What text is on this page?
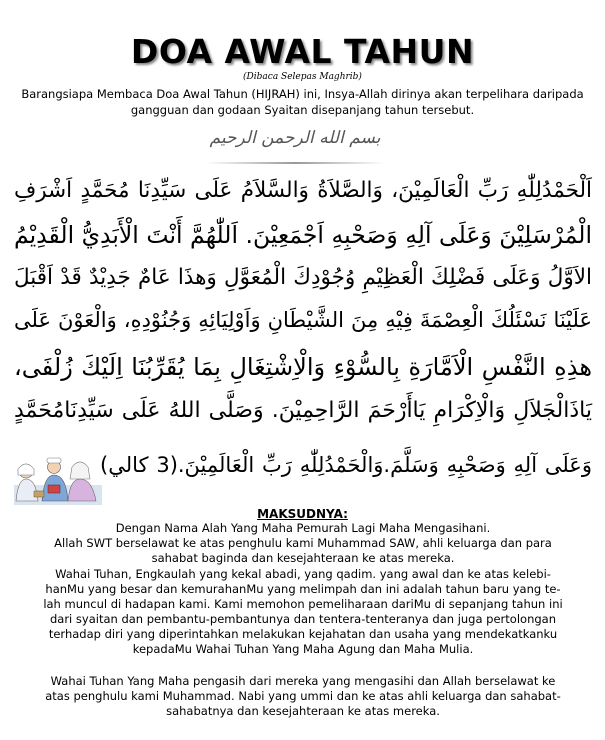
DOA AWAL TAHUN
(Dibaca Selepas Maghrib)
Barangsiapa Membaca Doa Awal Tahun (HIJRAH) ini, Insya-Allah dirinya akan terpelihara daripada gangguan dan godaan Syaitan disepanjang tahun tersebut.
بسم الله الرحمن الرحيم
اَلْحَمْدُلِلّٰهِ رَبِّ الْعَالَمِيْنَ، وَالصَّلاَةُ وَالسَّلاَمُ عَلَى سَيِّدِنَا مُحَمَّدٍ اَشْرَفِ
الْمُرْسَلِيْنَ وَعَلَى آلِهِ وَصَحْبِهِ اَجْمَعِيْنَ. اَللّٰهُمَّ أَنْتَ الْأَبَدِيُّ الْقَدِيْمُ
الاَوَّلُ وَعَلَى فَضْلِكَ الْعَظِيْمِ وُجُوْدِكَ الْمُعَوَّلِ وَهذَا عَامٌ جَدِيْدٌ قَدْ اَقْبَلَ
عَلَيْنَا نَسْئَلُكَ الْعِصْمَةَ فِيْهِ مِنَ الشَّيْطَانِ وَاَوْلِيَائِهِ وَجُنُوْدِهِ، وَالْعَوْنَ عَلَى
هذِهِ النَّفْسِ الْاَمَّارَةِ بِالسُّوْءِ وَالْاِشْتِغَالِ بِمَا يُقَرِّبُنَا اِلَيْكَ زُلْفَى،
يَاذَالْجَلاَلِ وَالْاِكْرَامِ يَاأَرْحَمَ الرَّاحِمِيْنَ. وَصَلَّى اللهُ عَلَى سَيِّدِنَامُحَمَّدٍ
وَعَلَى آلِهِ وَصَحْبِهِ وَسَلَّمَ.وَالْحَمْدُلِلّٰهِ رَبِّ الْعَالَمِيْنَ.(3 كالي)
MAKSUDNYA:
Dengan Nama Alah Yang Maha Pemurah Lagi Maha Mengasihani.
Allah SWT berselawat ke atas penghulu kami Muhammad SAW, ahli keluarga dan para
sahabat baginda dan kesejahteraan ke atas mereka.
Wahai Tuhan, Engkaulah yang kekal abadi, yang qadim. yang awal dan ke atas kelebi-
hanMu yang besar dan kemurahanMu yang melimpah dan ini adalah tahun baru yang te-
lah muncul di hadapan kami. Kami memohon pemeliharaan dariMu di sepanjang tahun ini
dari syaitan dan pembantu-pembantunya dan tentera-tenteranya dan juga pertolongan
terhadap diri yang diperintahkan melakukan kejahatan dan usaha yang mendekatkanku
kepadaMu Wahai Tuhan Yang Maha Agung dan Maha Mulia.
Wahai Tuhan Yang Maha pengasih dari mereka yang mengasihi dan Allah berselawat ke
atas penghulu kami Muhammad. Nabi yang ummi dan ke atas ahli keluarga dan sahabat-
sahabatnya dan kesejahteraan ke atas mereka.
